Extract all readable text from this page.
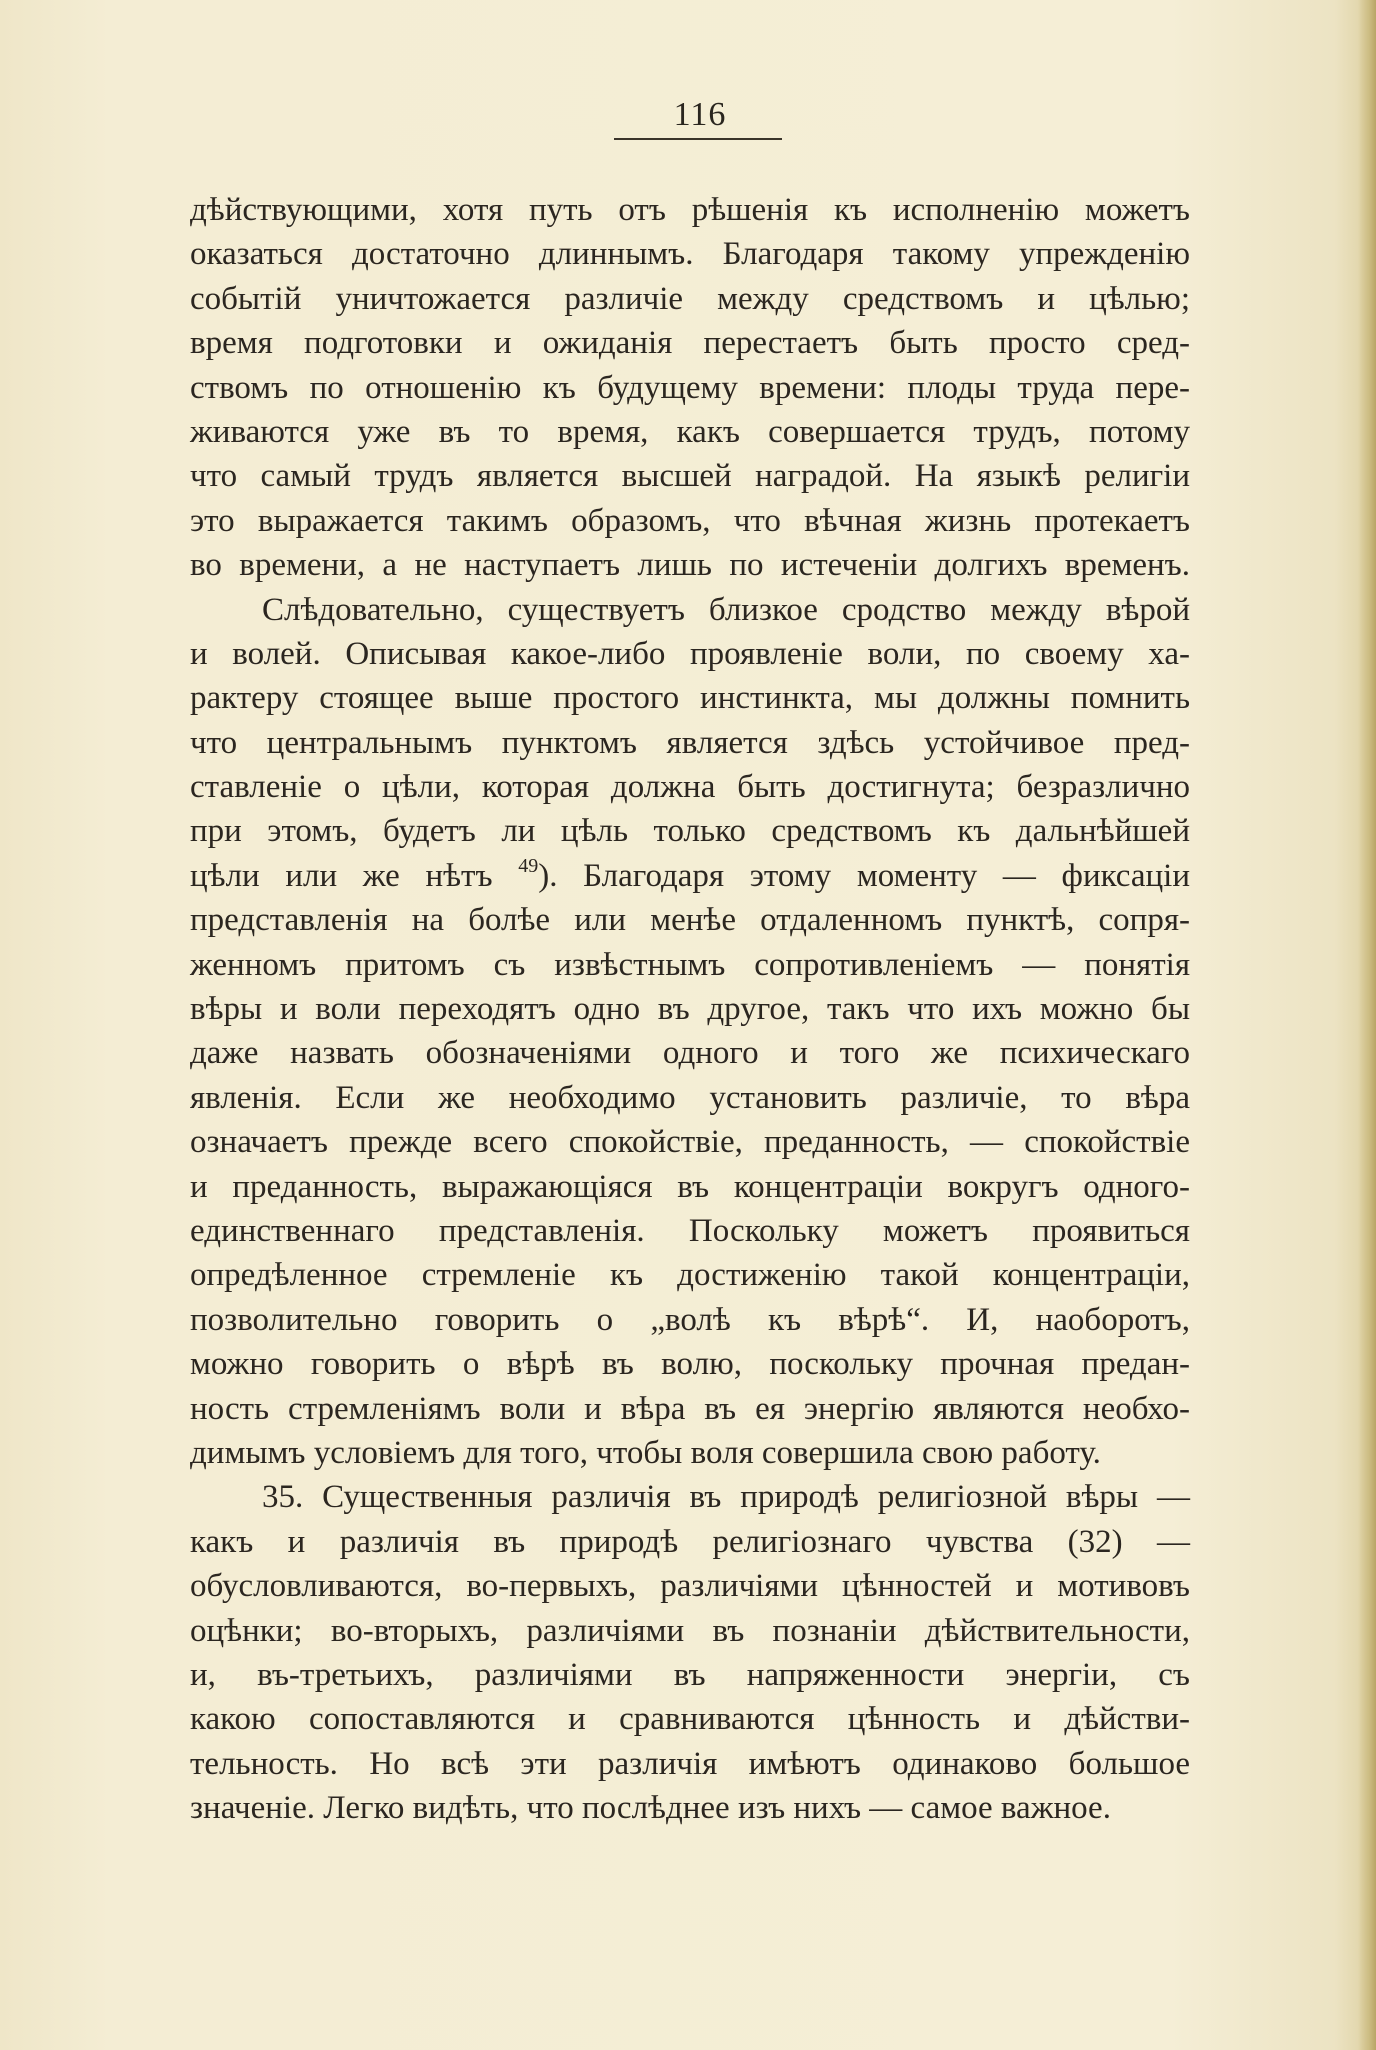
116
дѣйствующими, хотя путь отъ рѣшенія къ исполненію можетъ
оказаться достаточно длиннымъ. Благодаря такому упрежденію
событій уничтожается различіе между средствомъ и цѣлью;
время подготовки и ожиданія перестаетъ быть просто сред-
ствомъ по отношенію къ будущему времени: плоды труда пере-
живаются уже въ то время, какъ совершается трудъ, потому
что самый трудъ является высшей наградой. На языкѣ религіи
это выражается такимъ образомъ, что вѣчная жизнь протекаетъ
во времени, а не наступаетъ лишь по истеченіи долгихъ временъ.
Слѣдовательно, существуетъ близкое сродство между вѣрой
и волей. Описывая какое-либо проявленіе воли, по своему ха-
рактеру стоящее выше простого инстинкта, мы должны помнить
что центральнымъ пунктомъ является здѣсь устойчивое пред-
ставленіе о цѣли, которая должна быть достигнута; безразлично
при этомъ, будетъ ли цѣль только средствомъ къ дальнѣйшей
цѣли или же нѣтъ $^{49}$). Благодаря этому моменту — фиксаціи
представленія на болѣе или менѣе отдаленномъ пунктѣ, сопря-
женномъ притомъ съ извѣстнымъ сопротивленіемъ — понятія
вѣры и воли переходятъ одно въ другое, такъ что ихъ можно бы
даже назвать обозначеніями одного и того же психическаго
явленія. Если же необходимо установить различіе, то вѣра
означаетъ прежде всего спокойствіе, преданность, — спокойствіе
и преданность, выражающіяся въ концентраціи вокругъ одного-
единственнаго представленія. Поскольку можетъ проявиться
опредѣленное стремленіе къ достиженію такой концентраціи,
позволительно говорить о „волѣ къ вѣрѣ“. И, наоборотъ,
можно говорить о вѣрѣ въ волю, поскольку прочная предан-
ность стремленіямъ воли и вѣра въ ея энергію являются необхо-
димымъ условіемъ для того, чтобы воля совершила свою работу.
35. Существенныя различія въ природѣ религіозной вѣры —
какъ и различія въ природѣ религіознаго чувства (32) —
обусловливаются, во-первыхъ, различіями цѣнностей и мотивовъ
оцѣнки; во-вторыхъ, различіями въ познаніи дѣйствительности,
и, въ-третьихъ, различіями въ напряженности энергіи, съ
какою сопоставляются и сравниваются цѣнность и дѣйстви-
тельность. Но всѣ эти различія имѣютъ одинаково большое
значеніе. Легко видѣть, что послѣднее изъ нихъ — самое важное.
